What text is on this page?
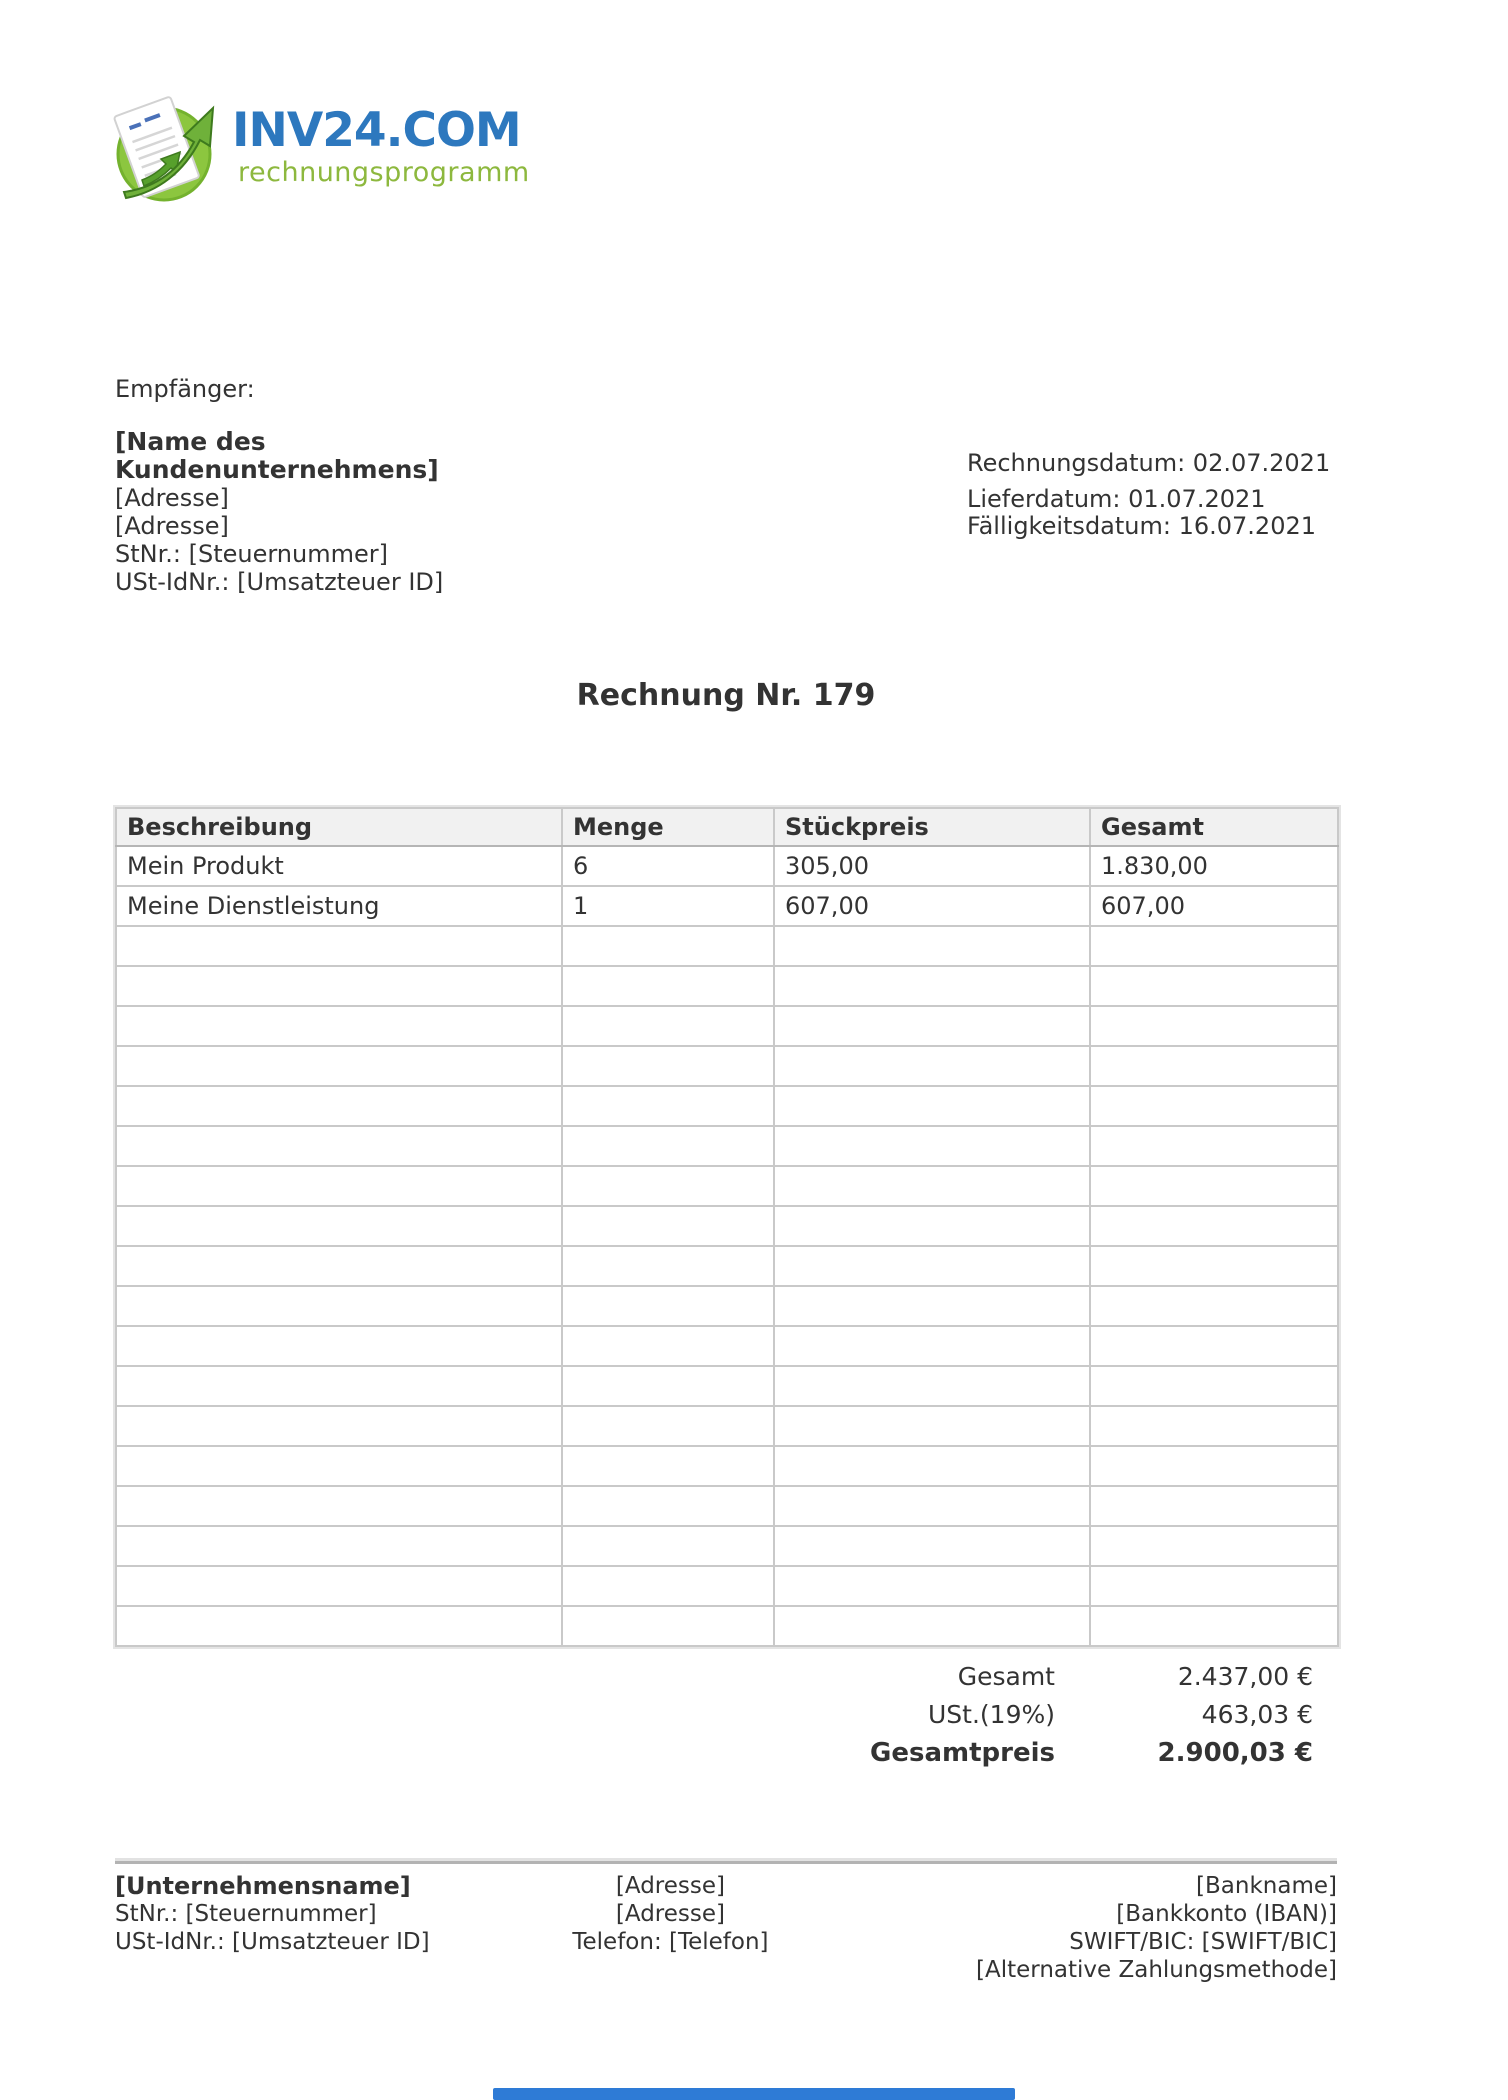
INV24.COM
rechnungsprogramm
Empfänger:
[Name des
Kundenunternehmens]
[Adresse]
[Adresse]
StNr.: [Steuernummer]
USt-IdNr.: [Umsatzteuer ID]
Rechnungsdatum: 02.07.2021
Lieferdatum: 01.07.2021
Fälligkeitsdatum: 16.07.2021
Rechnung Nr. 179
Beschreibung	Menge	Stückpreis	Gesamt
Mein Produkt	6	305,00	1.830,00
Meine Dienstleistung	1	607,00	607,00

Gesamt	2.437,00 €
USt.(19%)	463,03 €
Gesamtpreis	2.900,03 €
[Unternehmensname]
StNr.: [Steuernummer]
USt-IdNr.: [Umsatzteuer ID]
[Adresse]
[Adresse]
Telefon: [Telefon]
[Bankname]
[Bankkonto (IBAN)]
SWIFT/BIC: [SWIFT/BIC]
[Alternative Zahlungsmethode]
